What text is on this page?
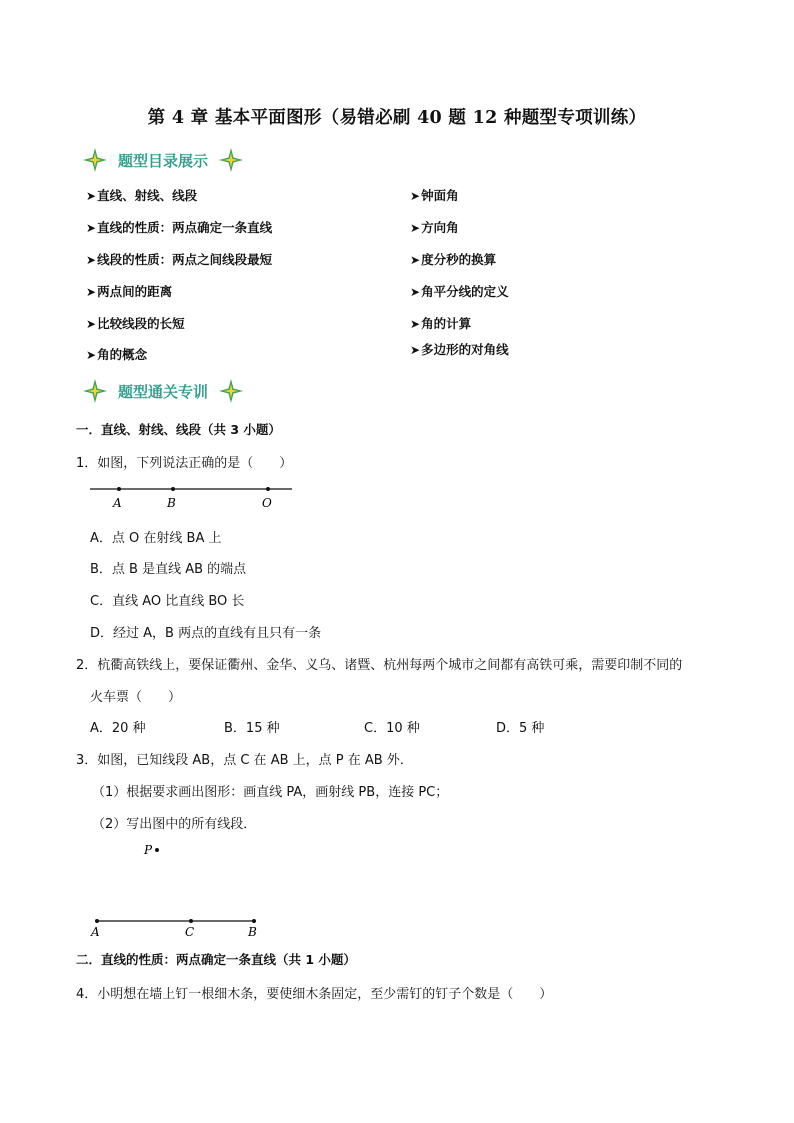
第 4 章 基本平面图形（易错必刷 40 题 12 种题型专项训练）
题型目录展示
➤直线、射线、线段
➤直线的性质：两点确定一条直线
➤线段的性质：两点之间线段最短
➤两点间的距离
➤比较线段的长短
➤角的概念
➤钟面角
➤方向角
➤度分秒的换算
➤角平分线的定义
➤角的计算
➤多边形的对角线
题型通关专训
一．直线、射线、线段（共 3 小题）
1．如图，下列说法正确的是（　　）
A	B	O
A．点 O 在射线 BA 上
B．点 B 是直线 AB 的端点
C．直线 AO 比直线 BO 长
D．经过 A，B 两点的直线有且只有一条
2．杭衢高铁线上，要保证衢州、金华、义乌、诸暨、杭州每两个城市之间都有高铁可乘，需要印制不同的
火车票（　　）
A．20 种	B．15 种	C．10 种	D．5 种
3．如图，已知线段 AB，点 C 在 AB 上，点 P 在 AB 外．
（1）根据要求画出图形：画直线 PA，画射线 PB，连接 PC；
（2）写出图中的所有线段．
P
A	C	B
二．直线的性质：两点确定一条直线（共 1 小题）
4．小明想在墙上钉一根细木条，要使细木条固定，至少需钉的钉子个数是（　　）
